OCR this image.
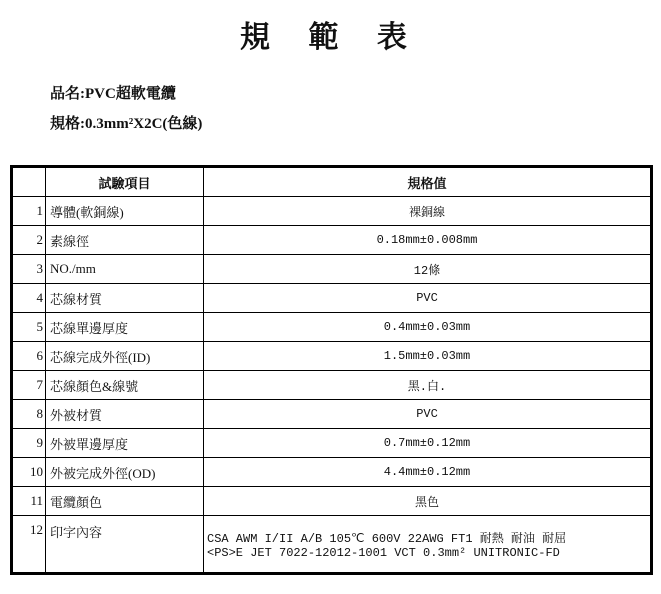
規 範 表
品名:PVC超軟電纜
規格:0.3mm²X2C(色線)
	試驗項目	規格值
1	導體(軟銅線)	裸銅線
2	素線徑	0.18mm±0.008mm
3	NO./mm	12條
4	芯線材質	PVC
5	芯線單邊厚度	0.4mm±0.03mm
6	芯線完成外徑(ID)	1.5mm±0.03mm
7	芯線顏色&線號	黑.白.
8	外被材質	PVC
9	外被單邊厚度	0.7mm±0.12mm
10	外被完成外徑(OD)	4.4mm±0.12mm
11	電纜顏色	黑色
12	印字內容	CSA AWM I/II A/B 105℃ 600V 22AWG FT1 耐熱 耐油 耐屈
<PS>E JET 7022-12012-1001 VCT 0.3mm² UNITRONIC-FD
